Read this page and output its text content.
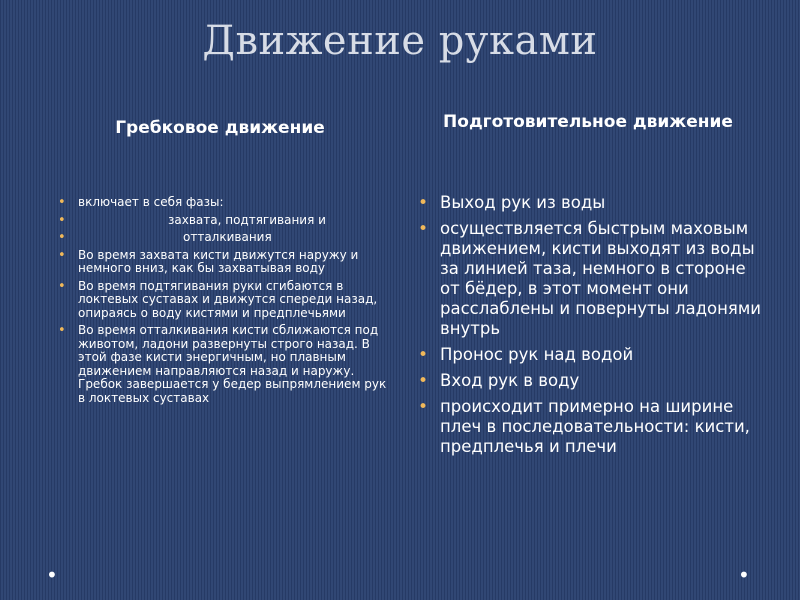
Движение руками
Гребковое движение	Подготовительное движение
• включает в себя фазы:
• захвата, подтягивания и
• отталкивания
• Во время захвата кисти движутся наружу и немного вниз, как бы захватывая воду
• Во время подтягивания руки сгибаются в локтевых суставах и движутся спереди назад, опираясь о воду кистями и предплечьями
• Во время отталкивания кисти сближаются под животом, ладони развернуты строго назад. В этой фазе кисти энергичным, но плавным движением направляются назад и наружу. Гребок завершается у бедер выпрямлением рук в локтевых суставах
• Выход рук из воды
• осуществляется быстрым маховым движением, кисти выходят из воды за линией таза, немного в стороне от бёдер, в этот момент они расслаблены и повернуты ладонями внутрь
• Пронос рук над водой
• Вход рук в воду
• происходит примерно на ширине плеч в последовательности: кисти, предплечья и плечи
•	•
